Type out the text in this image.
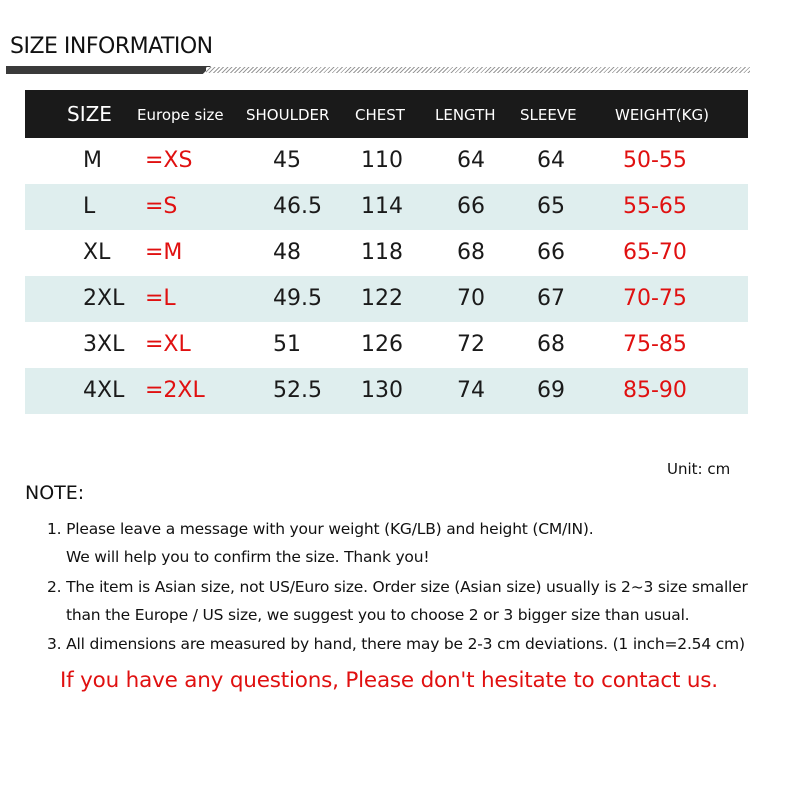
SIZE INFORMATION
SIZE Europe size SHOULDER CHEST LENGTH SLEEVE	WEIGHT(KG)
M =XS	45	110 64 64	50-55
L =S	46.5 114 66 65	55-65
XL =M	48	118 68 66	65-70
2XL =L	49.5 122 70 67	70-75
3XL =XL	51	126 72 68	75-85
4XL =2XL	52.5 130 74 69	85-90
Unit: cm
NOTE:
1. Please leave a message with your weight (KG/LB) and height (CM/IN).
We will help you to confirm the size. Thank you!
2. The item is Asian size, not US/Euro size. Order size (Asian size) usually is 2~3 size smaller
than the Europe / US size, we suggest you to choose 2 or 3 bigger size than usual.
3. All dimensions are measured by hand, there may be 2-3 cm deviations. (1 inch=2.54 cm)
If you have any questions, Please don't hesitate to contact us.
